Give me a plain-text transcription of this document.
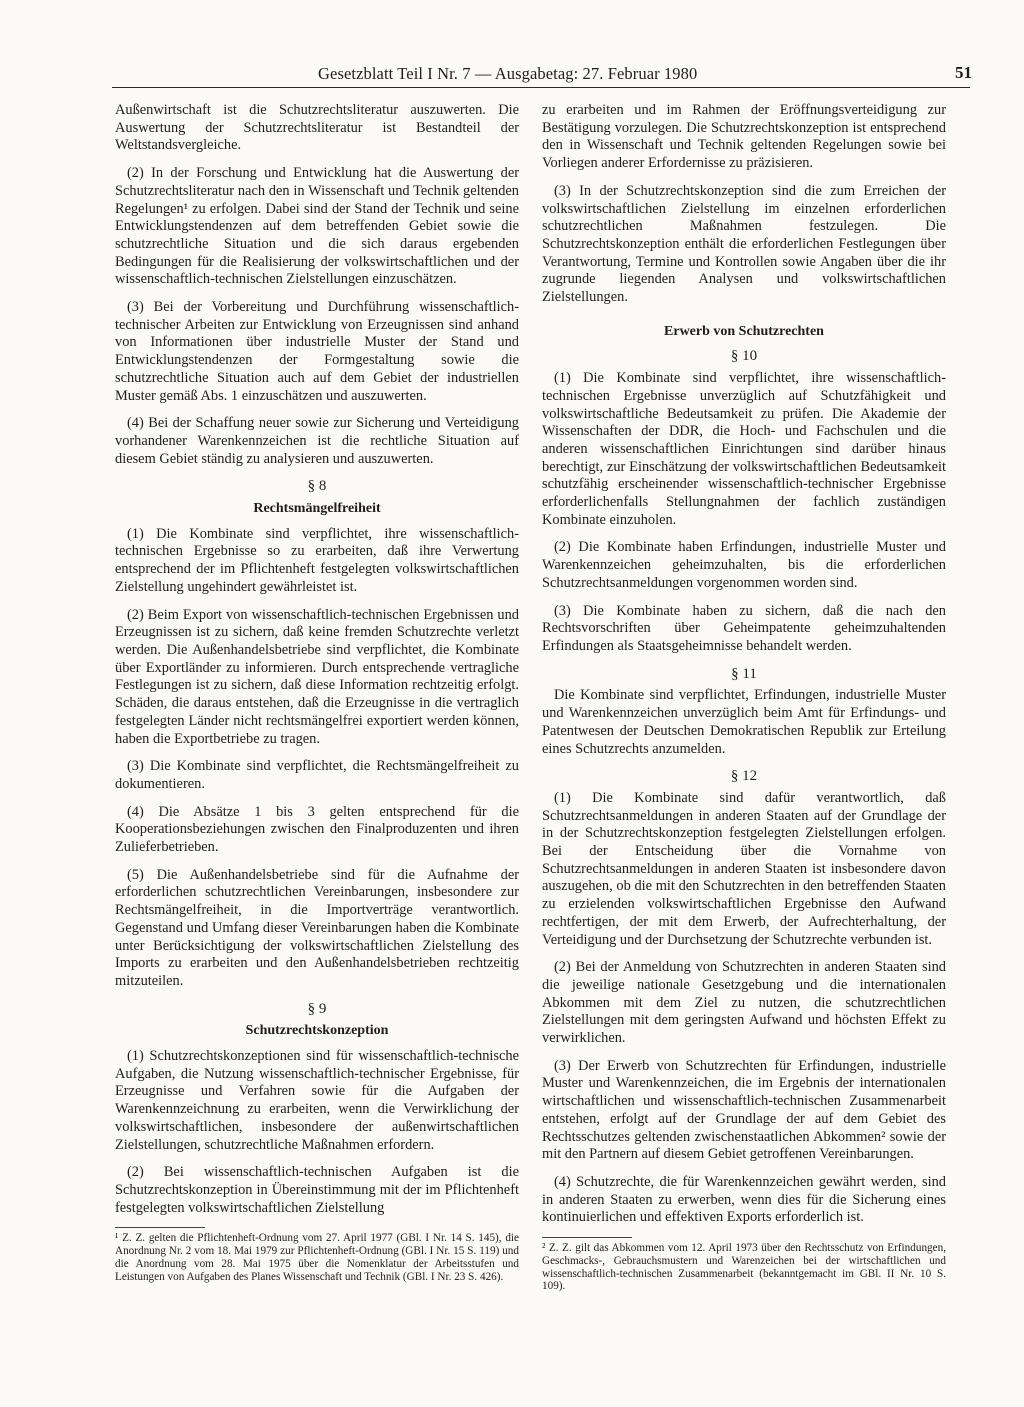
Gesetzblatt Teil I Nr. 7 — Ausgabetag: 27. Februar 1980	51

Außenwirtschaft ist die Schutzrechtsliteratur auszuwerten. Die Auswertung der Schutzrechtsliteratur ist Bestandteil der Weltstandsvergleiche.

(2) In der Forschung und Entwicklung hat die Auswertung der Schutzrechtsliteratur nach den in Wissenschaft und Technik geltenden Regelungen¹ zu erfolgen. Dabei sind der Stand der Technik und seine Entwicklungstendenzen auf dem betreffenden Gebiet sowie die schutzrechtliche Situation und die sich daraus ergebenden Bedingungen für die Realisierung der volkswirtschaftlichen und der wissenschaftlich-technischen Zielstellungen einzuschätzen.

(3) Bei der Vorbereitung und Durchführung wissenschaftlich-technischer Arbeiten zur Entwicklung von Erzeugnissen sind anhand von Informationen über industrielle Muster der Stand und Entwicklungstendenzen der Formgestaltung sowie die schutzrechtliche Situation auch auf dem Gebiet der industriellen Muster gemäß Abs. 1 einzuschätzen und auszuwerten.

(4) Bei der Schaffung neuer sowie zur Sicherung und Verteidigung vorhandener Warenkennzeichen ist die rechtliche Situation auf diesem Gebiet ständig zu analysieren und auszuwerten.

§ 8
Rechtsmängelfreiheit

(1) Die Kombinate sind verpflichtet, ihre wissenschaftlich-technischen Ergebnisse so zu erarbeiten, daß ihre Verwertung entsprechend der im Pflichtenheft festgelegten volkswirtschaftlichen Zielstellung ungehindert gewährleistet ist.

(2) Beim Export von wissenschaftlich-technischen Ergebnissen und Erzeugnissen ist zu sichern, daß keine fremden Schutzrechte verletzt werden. Die Außenhandelsbetriebe sind verpflichtet, die Kombinate über Exportländer zu informieren. Durch entsprechende vertragliche Festlegungen ist zu sichern, daß diese Information rechtzeitig erfolgt. Schäden, die daraus entstehen, daß die Erzeugnisse in die vertraglich festgelegten Länder nicht rechtsmängelfrei exportiert werden können, haben die Exportbetriebe zu tragen.

(3) Die Kombinate sind verpflichtet, die Rechtsmängelfreiheit zu dokumentieren.

(4) Die Absätze 1 bis 3 gelten entsprechend für die Kooperationsbeziehungen zwischen den Finalproduzenten und ihren Zulieferbetrieben.

(5) Die Außenhandelsbetriebe sind für die Aufnahme der erforderlichen schutzrechtlichen Vereinbarungen, insbesondere zur Rechtsmängelfreiheit, in die Importverträge verantwortlich. Gegenstand und Umfang dieser Vereinbarungen haben die Kombinate unter Berücksichtigung der volkswirtschaftlichen Zielstellung des Imports zu erarbeiten und den Außenhandelsbetrieben rechtzeitig mitzuteilen.

§ 9
Schutzrechtskonzeption

(1) Schutzrechtskonzeptionen sind für wissenschaftlich-technische Aufgaben, die Nutzung wissenschaftlich-technischer Ergebnisse, für Erzeugnisse und Verfahren sowie für die Aufgaben der Warenkennzeichnung zu erarbeiten, wenn die Verwirklichung der volkswirtschaftlichen, insbesondere der außenwirtschaftlichen Zielstellungen, schutzrechtliche Maßnahmen erfordern.

(2) Bei wissenschaftlich-technischen Aufgaben ist die Schutzrechtskonzeption in Übereinstimmung mit der im Pflichtenheft festgelegten volkswirtschaftlichen Zielstellung

¹ Z. Z. gelten die Pflichtenheft-Ordnung vom 27. April 1977 (GBl. I Nr. 14 S. 145), die Anordnung Nr. 2 vom 18. Mai 1979 zur Pflichtenheft-Ordnung (GBl. I Nr. 15 S. 119) und die Anordnung vom 28. Mai 1975 über die Nomenklatur der Arbeitsstufen und Leistungen von Aufgaben des Planes Wissenschaft und Technik (GBl. I Nr. 23 S. 426).

zu erarbeiten und im Rahmen der Eröffnungsverteidigung zur Bestätigung vorzulegen. Die Schutzrechtskonzeption ist entsprechend den in Wissenschaft und Technik geltenden Regelungen sowie bei Vorliegen anderer Erfordernisse zu präzisieren.

(3) In der Schutzrechtskonzeption sind die zum Erreichen der volkswirtschaftlichen Zielstellung im einzelnen erforderlichen schutzrechtlichen Maßnahmen festzulegen. Die Schutzrechtskonzeption enthält die erforderlichen Festlegungen über Verantwortung, Termine und Kontrollen sowie Angaben über die ihr zugrunde liegenden Analysen und volkswirtschaftlichen Zielstellungen.

Erwerb von Schutzrechten
§ 10

(1) Die Kombinate sind verpflichtet, ihre wissenschaftlich-technischen Ergebnisse unverzüglich auf Schutzfähigkeit und volkswirtschaftliche Bedeutsamkeit zu prüfen. Die Akademie der Wissenschaften der DDR, die Hoch- und Fachschulen und die anderen wissenschaftlichen Einrichtungen sind darüber hinaus berechtigt, zur Einschätzung der volkswirtschaftlichen Bedeutsamkeit schutzfähig erscheinender wissenschaftlich-technischer Ergebnisse erforderlichenfalls Stellungnahmen der fachlich zuständigen Kombinate einzuholen.

(2) Die Kombinate haben Erfindungen, industrielle Muster und Warenkennzeichen geheimzuhalten, bis die erforderlichen Schutzrechtsanmeldungen vorgenommen worden sind.

(3) Die Kombinate haben zu sichern, daß die nach den Rechtsvorschriften über Geheimpatente geheimzuhaltenden Erfindungen als Staatsgeheimnisse behandelt werden.

§ 11

Die Kombinate sind verpflichtet, Erfindungen, industrielle Muster und Warenkennzeichen unverzüglich beim Amt für Erfindungs- und Patentwesen der Deutschen Demokratischen Republik zur Erteilung eines Schutzrechts anzumelden.

§ 12

(1) Die Kombinate sind dafür verantwortlich, daß Schutzrechtsanmeldungen in anderen Staaten auf der Grundlage der in der Schutzrechtskonzeption festgelegten Zielstellungen erfolgen. Bei der Entscheidung über die Vornahme von Schutzrechtsanmeldungen in anderen Staaten ist insbesondere davon auszugehen, ob die mit den Schutzrechten in den betreffenden Staaten zu erzielenden volkswirtschaftlichen Ergebnisse den Aufwand rechtfertigen, der mit dem Erwerb, der Aufrechterhaltung, der Verteidigung und der Durchsetzung der Schutzrechte verbunden ist.

(2) Bei der Anmeldung von Schutzrechten in anderen Staaten sind die jeweilige nationale Gesetzgebung und die internationalen Abkommen mit dem Ziel zu nutzen, die schutzrechtlichen Zielstellungen mit dem geringsten Aufwand und höchsten Effekt zu verwirklichen.

(3) Der Erwerb von Schutzrechten für Erfindungen, industrielle Muster und Warenkennzeichen, die im Ergebnis der internationalen wirtschaftlichen und wissenschaftlich-technischen Zusammenarbeit entstehen, erfolgt auf der Grundlage der auf dem Gebiet des Rechtsschutzes geltenden zwischenstaatlichen Abkommen² sowie der mit den Partnern auf diesem Gebiet getroffenen Vereinbarungen.

(4) Schutzrechte, die für Warenkennzeichen gewährt werden, sind in anderen Staaten zu erwerben, wenn dies für die Sicherung eines kontinuierlichen und effektiven Exports erforderlich ist.

² Z. Z. gilt das Abkommen vom 12. April 1973 über den Rechtsschutz von Erfindungen, Geschmacks-, Gebrauchsmustern und Warenzeichen bei der wirtschaftlichen und wissenschaftlich-technischen Zusammenarbeit (bekanntgemacht im GBl. II Nr. 10 S. 109).
